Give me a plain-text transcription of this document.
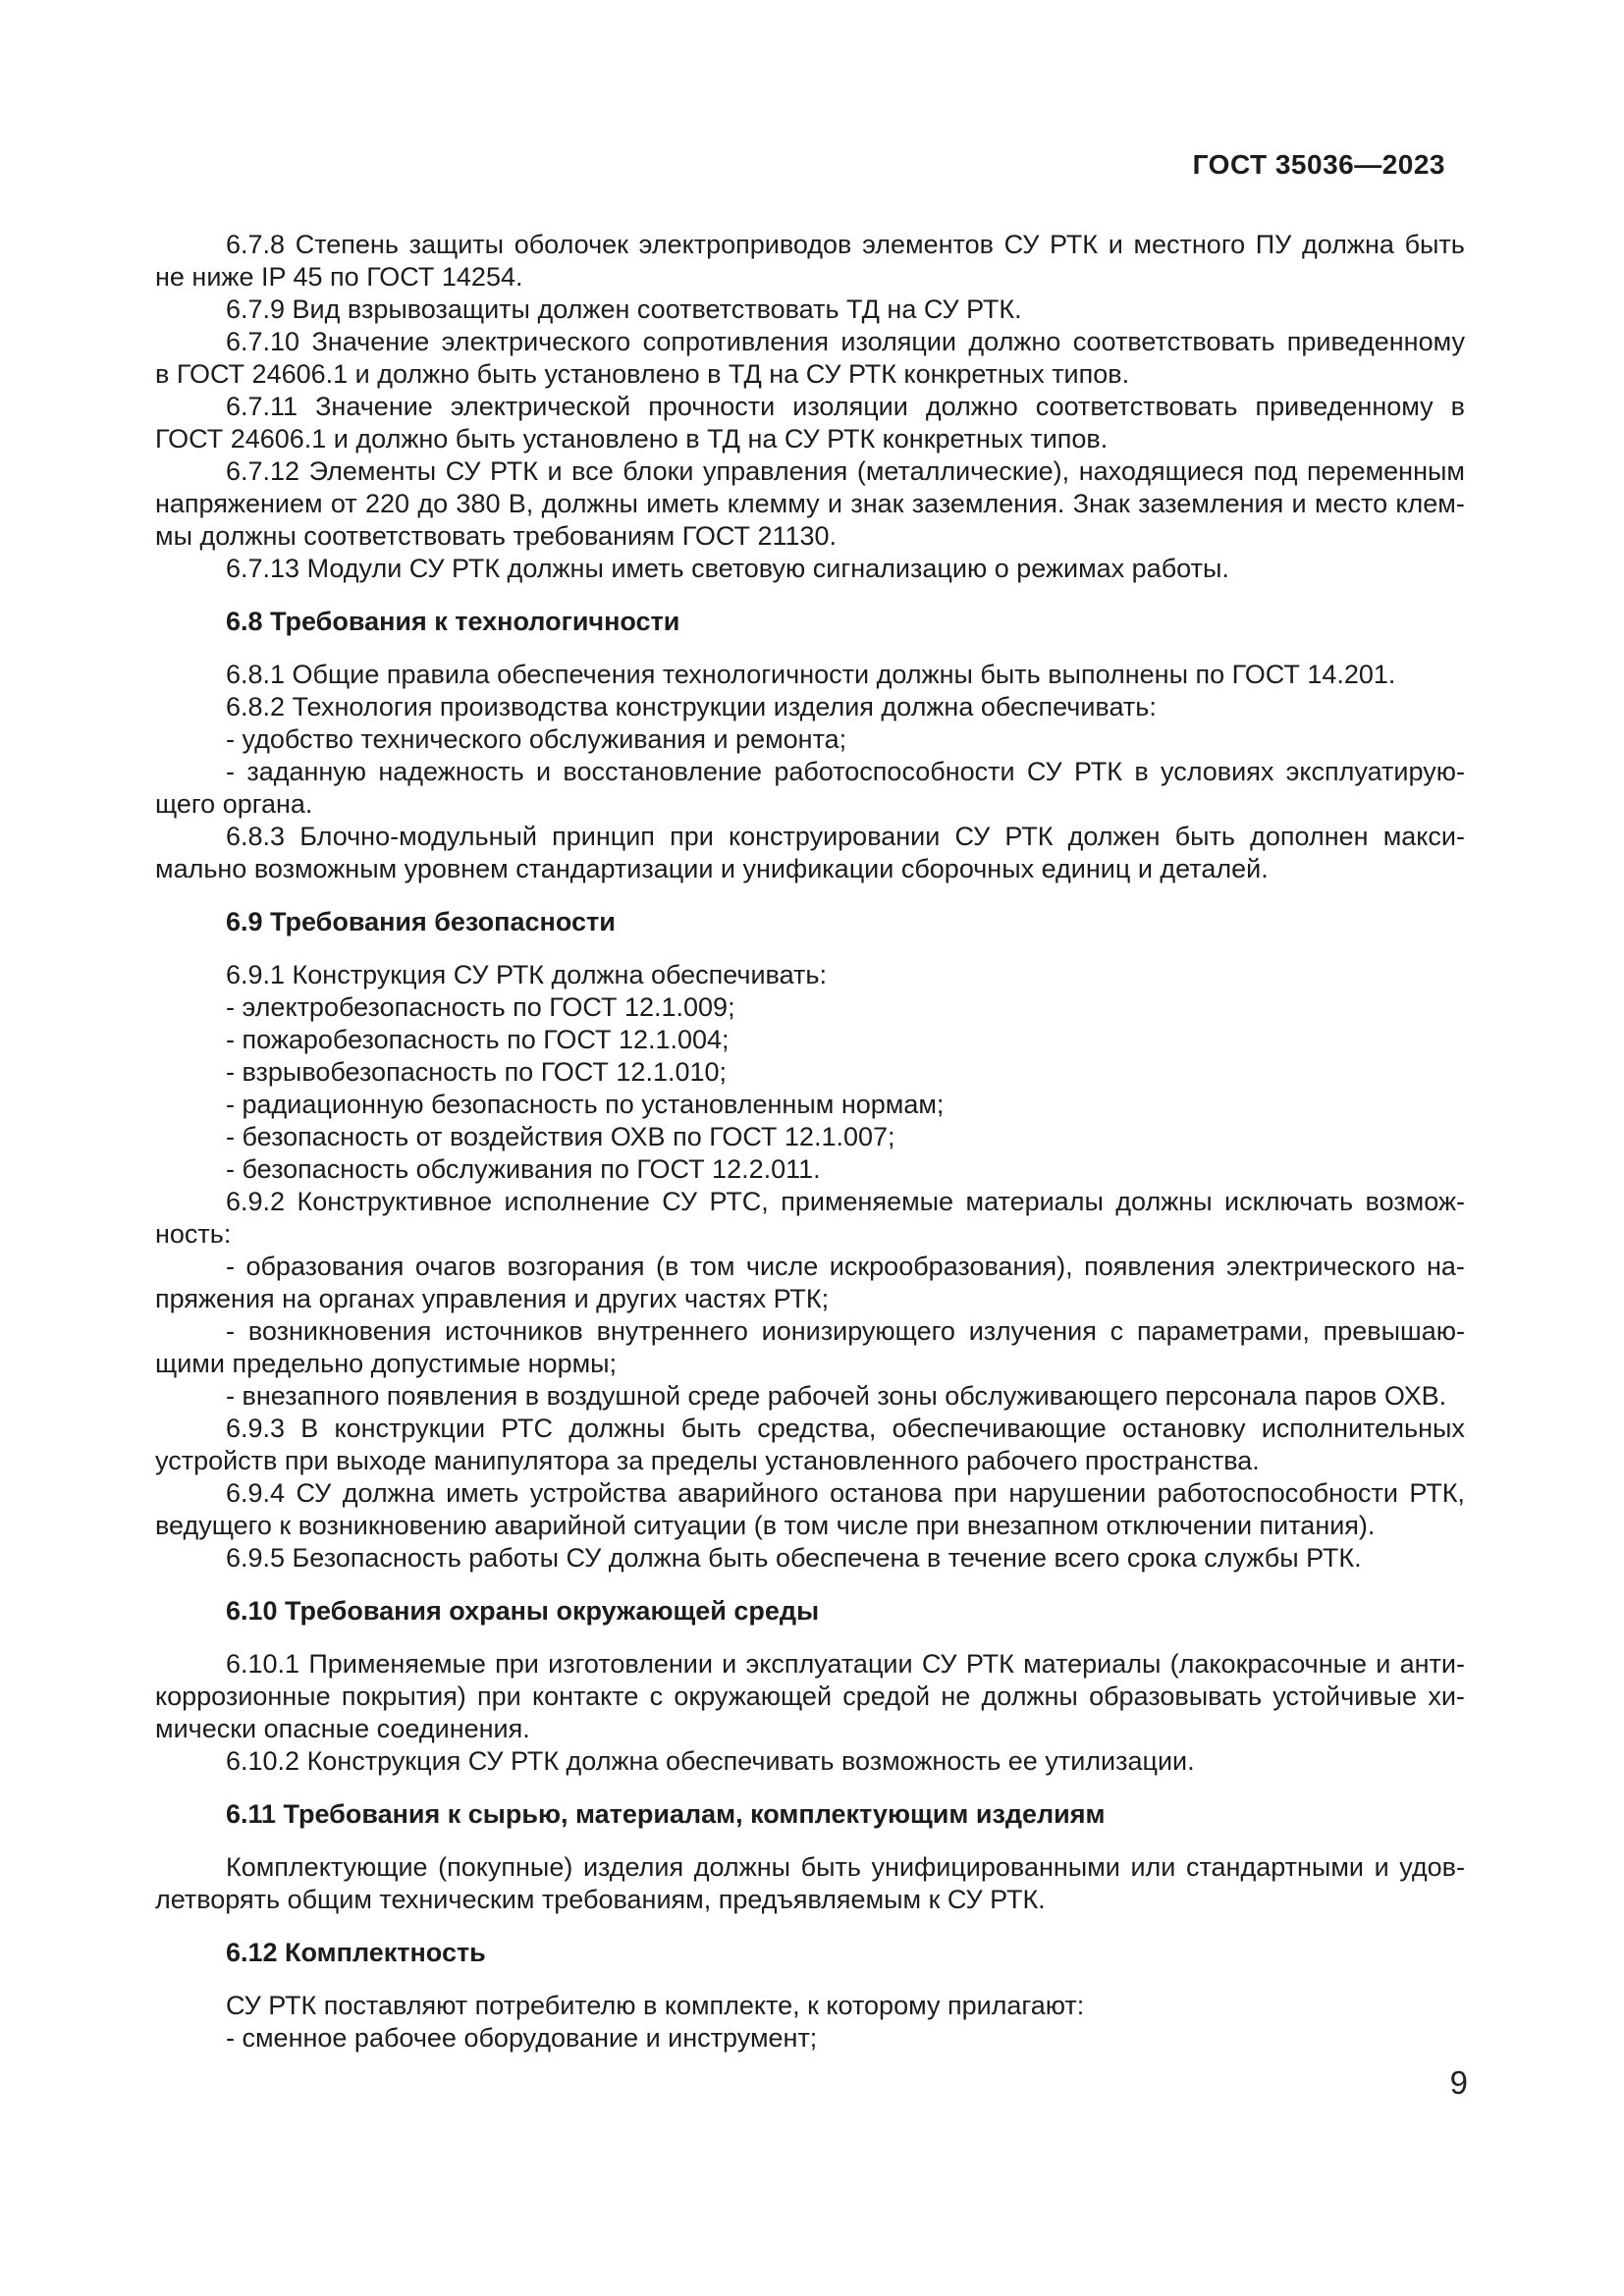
ГОСТ 35036—2023

6.7.8 Степень защиты оболочек электроприводов элементов СУ РТК и местного ПУ должна быть
не ниже IP 45 по ГОСТ 14254.

6.7.9 Вид взрывозащиты должен соответствовать ТД на СУ РТК.

6.7.10 Значение электрического сопротивления изоляции должно соответствовать приведенному
в ГОСТ 24606.1 и должно быть установлено в ТД на СУ РТК конкретных типов.

6.7.11 Значение электрической прочности изоляции должно соответствовать приведенному в
ГОСТ 24606.1 и должно быть установлено в ТД на СУ РТК конкретных типов.

6.7.12 Элементы СУ РТК и все блоки управления (металлические), находящиеся под переменным
напряжением от 220 до 380 В, должны иметь клемму и знак заземления. Знак заземления и место клем-
мы должны соответствовать требованиям ГОСТ 21130.

6.7.13 Модули СУ РТК должны иметь световую сигнализацию о режимах работы.

6.8 Требования к технологичности

6.8.1 Общие правила обеспечения технологичности должны быть выполнены по ГОСТ 14.201.

6.8.2 Технология производства конструкции изделия должна обеспечивать:

- удобство технического обслуживания и ремонта;

- заданную надежность и восстановление работоспособности СУ РТК в условиях эксплуатирую-
щего органа.

6.8.3 Блочно-модульный принцип при конструировании СУ РТК должен быть дополнен макси-
мально возможным уровнем стандартизации и унификации сборочных единиц и деталей.

6.9 Требования безопасности

6.9.1 Конструкция СУ РТК должна обеспечивать:

- электробезопасность по ГОСТ 12.1.009;

- пожаробезопасность по ГОСТ 12.1.004;

- взрывобезопасность по ГОСТ 12.1.010;

- радиационную безопасность по установленным нормам;

- безопасность от воздействия ОХВ по ГОСТ 12.1.007;

- безопасность обслуживания по ГОСТ 12.2.011.

6.9.2 Конструктивное исполнение СУ РТС, применяемые материалы должны исключать возмож-
ность:

- образования очагов возгорания (в том числе искрообразования), появления электрического на-
пряжения на органах управления и других частях РТК;

- возникновения источников внутреннего ионизирующего излучения с параметрами, превышаю-
щими предельно допустимые нормы;

- внезапного появления в воздушной среде рабочей зоны обслуживающего персонала паров ОХВ.

6.9.3 В конструкции РТС должны быть средства, обеспечивающие остановку исполнительных
устройств при выходе манипулятора за пределы установленного рабочего пространства.

6.9.4 СУ должна иметь устройства аварийного останова при нарушении работоспособности РТК,
ведущего к возникновению аварийной ситуации (в том числе при внезапном отключении питания).

6.9.5 Безопасность работы СУ должна быть обеспечена в течение всего срока службы РТК.

6.10 Требования охраны окружающей среды

6.10.1 Применяемые при изготовлении и эксплуатации СУ РТК материалы (лакокрасочные и анти-
коррозионные покрытия) при контакте с окружающей средой не должны образовывать устойчивые хи-
мически опасные соединения.

6.10.2 Конструкция СУ РТК должна обеспечивать возможность ее утилизации.

6.11 Требования к сырью, материалам, комплектующим изделиям

Комплектующие (покупные) изделия должны быть унифицированными или стандартными и удов-
летворять общим техническим требованиям, предъявляемым к СУ РТК.

6.12 Комплектность

СУ РТК поставляют потребителю в комплекте, к которому прилагают:

- сменное рабочее оборудование и инструмент;

9
